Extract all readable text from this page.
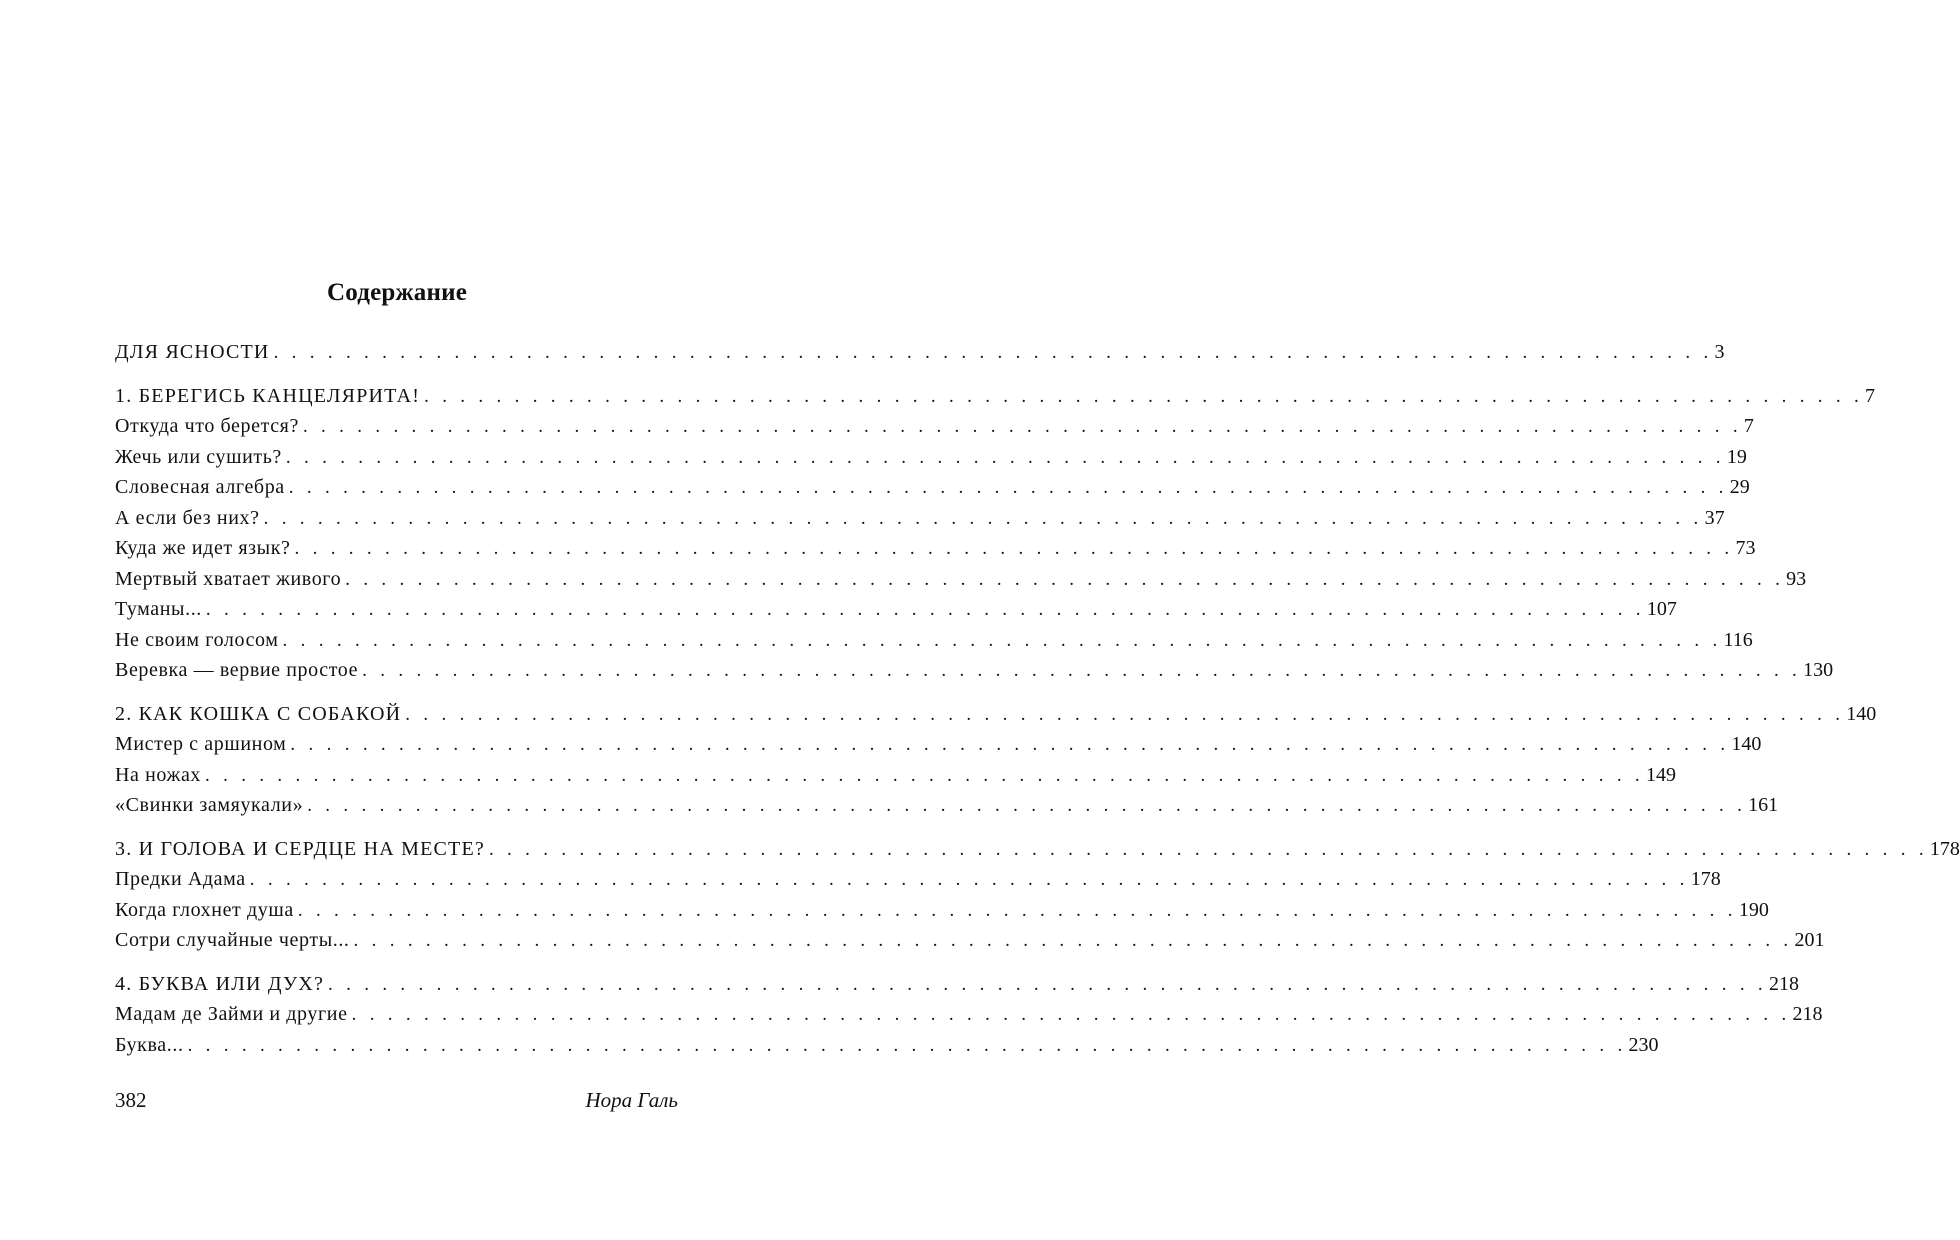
Содержание
ДЛЯ ЯСНОСТИ . . . . . . . . . . . . . . . . . . . . . . . . . . . . . . . . . . . . . . . . . . . . . . . . . . . . . . . . . . . . . . . . . . . . . . . . . . . . . . . . 3
1. БЕРЕГИСЬ КАНЦЕЛЯРИТА! . . . . . . . . . . . . . . . . . . . . . . . . . . . . . . . . . . . . . . . . . . . . . . . . . . . . . . . . . . . . . . . . . . . . . . . . . . . . . . . . 7
Откуда что берется? . . . . . . . . . . . . . . . . . . . . . . . . . . . . . . . . . . . . . . . . . . . . . . . . . . . . . . . . . . . . . . . . . . . . . . . . . . . . . . . . 7
Жечь или сушить? . . . . . . . . . . . . . . . . . . . . . . . . . . . . . . . . . . . . . . . . . . . . . . . . . . . . . . . . . . . . . . . . . . . . . . . . . . . . . . . . 19
Словесная алгебра . . . . . . . . . . . . . . . . . . . . . . . . . . . . . . . . . . . . . . . . . . . . . . . . . . . . . . . . . . . . . . . . . . . . . . . . . . . . . . . . 29
А если без них? . . . . . . . . . . . . . . . . . . . . . . . . . . . . . . . . . . . . . . . . . . . . . . . . . . . . . . . . . . . . . . . . . . . . . . . . . . . . . . . . 37
Куда же идет язык? . . . . . . . . . . . . . . . . . . . . . . . . . . . . . . . . . . . . . . . . . . . . . . . . . . . . . . . . . . . . . . . . . . . . . . . . . . . . . . . . 73
Мертвый хватает живого . . . . . . . . . . . . . . . . . . . . . . . . . . . . . . . . . . . . . . . . . . . . . . . . . . . . . . . . . . . . . . . . . . . . . . . . . . . . . . . . 93
Туманы... . . . . . . . . . . . . . . . . . . . . . . . . . . . . . . . . . . . . . . . . . . . . . . . . . . . . . . . . . . . . . . . . . . . . . . . . . . . . . . . . 107
Не своим голосом . . . . . . . . . . . . . . . . . . . . . . . . . . . . . . . . . . . . . . . . . . . . . . . . . . . . . . . . . . . . . . . . . . . . . . . . . . . . . . . . 116
Веревка — вервие простое . . . . . . . . . . . . . . . . . . . . . . . . . . . . . . . . . . . . . . . . . . . . . . . . . . . . . . . . . . . . . . . . . . . . . . . . . . . . . . . . 130
2. КАК КОШКА С СОБАКОЙ . . . . . . . . . . . . . . . . . . . . . . . . . . . . . . . . . . . . . . . . . . . . . . . . . . . . . . . . . . . . . . . . . . . . . . . . . . . . . . . . 140
Мистер с аршином . . . . . . . . . . . . . . . . . . . . . . . . . . . . . . . . . . . . . . . . . . . . . . . . . . . . . . . . . . . . . . . . . . . . . . . . . . . . . . . . 140
На ножах . . . . . . . . . . . . . . . . . . . . . . . . . . . . . . . . . . . . . . . . . . . . . . . . . . . . . . . . . . . . . . . . . . . . . . . . . . . . . . . . 149
«Свинки замяукали» . . . . . . . . . . . . . . . . . . . . . . . . . . . . . . . . . . . . . . . . . . . . . . . . . . . . . . . . . . . . . . . . . . . . . . . . . . . . . . . . 161
3. И ГОЛОВА И СЕРДЦЕ НА МЕСТЕ? . . . . . . . . . . . . . . . . . . . . . . . . . . . . . . . . . . . . . . . . . . . . . . . . . . . . . . . . . . . . . . . . . . . . . . . . . . . . . . . . 178
Предки Адама . . . . . . . . . . . . . . . . . . . . . . . . . . . . . . . . . . . . . . . . . . . . . . . . . . . . . . . . . . . . . . . . . . . . . . . . . . . . . . . . 178
Когда глохнет душа . . . . . . . . . . . . . . . . . . . . . . . . . . . . . . . . . . . . . . . . . . . . . . . . . . . . . . . . . . . . . . . . . . . . . . . . . . . . . . . . 190
Сотри случайные черты... . . . . . . . . . . . . . . . . . . . . . . . . . . . . . . . . . . . . . . . . . . . . . . . . . . . . . . . . . . . . . . . . . . . . . . . . . . . . . . . . 201
4. БУКВА ИЛИ ДУХ? . . . . . . . . . . . . . . . . . . . . . . . . . . . . . . . . . . . . . . . . . . . . . . . . . . . . . . . . . . . . . . . . . . . . . . . . . . . . . . . . 218
Мадам де Займи и другие . . . . . . . . . . . . . . . . . . . . . . . . . . . . . . . . . . . . . . . . . . . . . . . . . . . . . . . . . . . . . . . . . . . . . . . . . . . . . . . . 218
Буква... . . . . . . . . . . . . . . . . . . . . . . . . . . . . . . . . . . . . . . . . . . . . . . . . . . . . . . . . . . . . . . . . . . . . . . . . . . . . . . . . 230
382	Нора Галь
